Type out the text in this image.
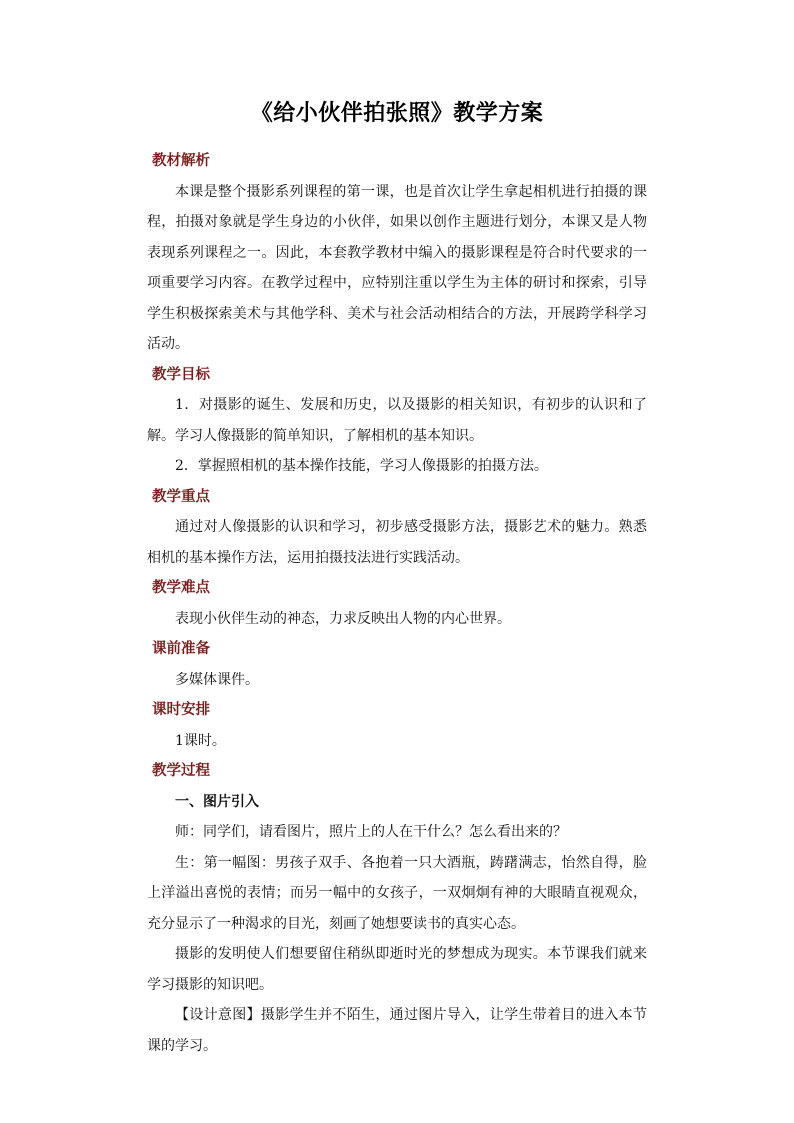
《给小伙伴拍张照》教学方案

教材解析

本课是整个摄影系列课程的第一课，也是首次让学生拿起相机进行拍摄的课程，拍摄对象就是学生身边的小伙伴，如果以创作主题进行划分，本课又是人物表现系列课程之一。因此，本套教学教材中编入的摄影课程是符合时代要求的一项重要学习内容。在教学过程中，应特别注重以学生为主体的研讨和探索，引导学生积极探索美术与其他学科、美术与社会活动相结合的方法，开展跨学科学习活动。

教学目标

1．对摄影的诞生、发展和历史，以及摄影的相关知识，有初步的认识和了解。学习人像摄影的简单知识，了解相机的基本知识。

2．掌握照相机的基本操作技能，学习人像摄影的拍摄方法。

教学重点

通过对人像摄影的认识和学习，初步感受摄影方法，摄影艺术的魅力。熟悉相机的基本操作方法，运用拍摄技法进行实践活动。

教学难点

表现小伙伴生动的神态，力求反映出人物的内心世界。

课前准备

多媒体课件。

课时安排

1课时。

教学过程

一、图片引入

师：同学们，请看图片，照片上的人在干什么？怎么看出来的？

生：第一幅图：男孩子双手、各抱着一只大酒瓶，踌躇满志，怡然自得，脸上洋溢出喜悦的表情；而另一幅中的女孩子，一双炯炯有神的大眼睛直视观众，充分显示了一种渴求的目光，刻画了她想要读书的真实心态。

摄影的发明使人们想要留住稍纵即逝时光的梦想成为现实。本节课我们就来学习摄影的知识吧。

【设计意图】摄影学生并不陌生，通过图片导入，让学生带着目的进入本节课的学习。
